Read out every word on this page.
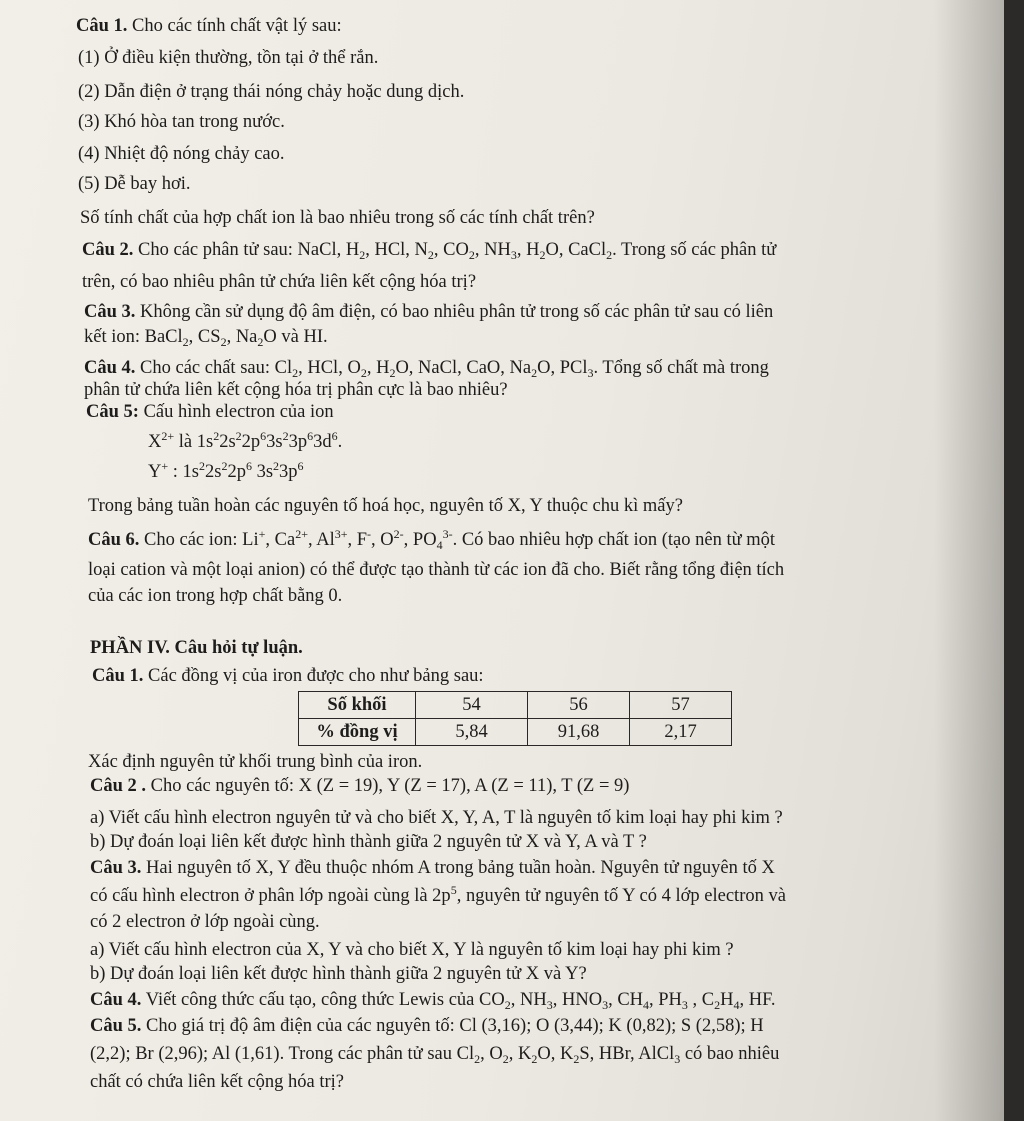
Câu 1. Cho các tính chất vật lý sau:
(1) Ở điều kiện thường, tồn tại ở thể rắn.
(2) Dẫn điện ở trạng thái nóng chảy hoặc dung dịch.
(3) Khó hòa tan trong nước.
(4) Nhiệt độ nóng chảy cao.
(5) Dễ bay hơi.
Số tính chất của hợp chất ion là bao nhiêu trong số các tính chất trên?
Câu 2. Cho các phân tử sau: NaCl, $H_2$, HCl, $N_2$, $CO_2$, $NH_3$, $H_2O$, CaCl$_2$. Trong số các phân tử
trên, có bao nhiêu phân tử chứa liên kết cộng hóa trị?
Câu 3. Không cần sử dụng độ âm điện, có bao nhiêu phân tử trong số các phân tử sau có liên
kết ion: BaCl$_2$, $CS_2$, $Na_2O$ và HI.
Câu 4. Cho các chất sau: $Cl_2$, HCl, $O_2$, $H_2O$, NaCl, CaO, $Na_2O$, PCl$_3$. Tổng số chất mà trong
phân tử chứa liên kết cộng hóa trị phân cực là bao nhiêu?
Câu 5: Cấu hình electron của ion
$X^{2+}$ là $1s^22s^22p^63s^23p^63d^6$.
Y+ : $1s^22s^22p^6$ $3s^23p^6$
Trong bảng tuần hoàn các nguyên tố hoá học, nguyên tố X, Y thuộc chu kì mấy?
Câu 6. Cho các ion: Li+, $Ca^{2+}$, $Al^{3+}$, F-, $O^{2-}$, $PO_4^{3-}$. Có bao nhiêu hợp chất ion (tạo nên từ một
loại cation và một loại anion) có thể được tạo thành từ các ion đã cho. Biết rằng tổng điện tích
của các ion trong hợp chất bằng 0.
PHẦN IV. Câu hỏi tự luận.
Câu 1. Các đồng vị của iron được cho như bảng sau:
Số khối	54	56	57
% đồng vị	5,84	91,68	2,17
Xác định nguyên tử khối trung bình của iron.
Câu 2 . Cho các nguyên tố: X (Z = 19), Y (Z = 17), A (Z = 11), T (Z = 9)
a) Viết cấu hình electron nguyên tử và cho biết X, Y, A, T là nguyên tố kim loại hay phi kim ?
b) Dự đoán loại liên kết được hình thành giữa 2 nguyên tử X và Y, A và T ?
Câu 3. Hai nguyên tố X, Y đều thuộc nhóm A trong bảng tuần hoàn. Nguyên tử nguyên tố X
có cấu hình electron ở phân lớp ngoài cùng là $2p^5$, nguyên tử nguyên tố Y có 4 lớp electron và
có 2 electron ở lớp ngoài cùng.
a) Viết cấu hình electron của X, Y và cho biết X, Y là nguyên tố kim loại hay phi kim ?
b) Dự đoán loại liên kết được hình thành giữa 2 nguyên tử X và Y?
Câu 4. Viết công thức cấu tạo, công thức Lewis của $CO_2$, $NH_3$, $HNO_3$, $CH_4$, $PH_3$ , $C_2H_4$, HF.
Câu 5. Cho giá trị độ âm điện của các nguyên tố: Cl (3,16); O (3,44); K (0,82); S (2,58); H
(2,2); Br (2,96); Al (1,61). Trong các phân tử sau $Cl_2$, $O_2$, $K_2O$, $K_2S$, HBr, AlCl$_3$ có bao nhiêu
chất có chứa liên kết cộng hóa trị?
